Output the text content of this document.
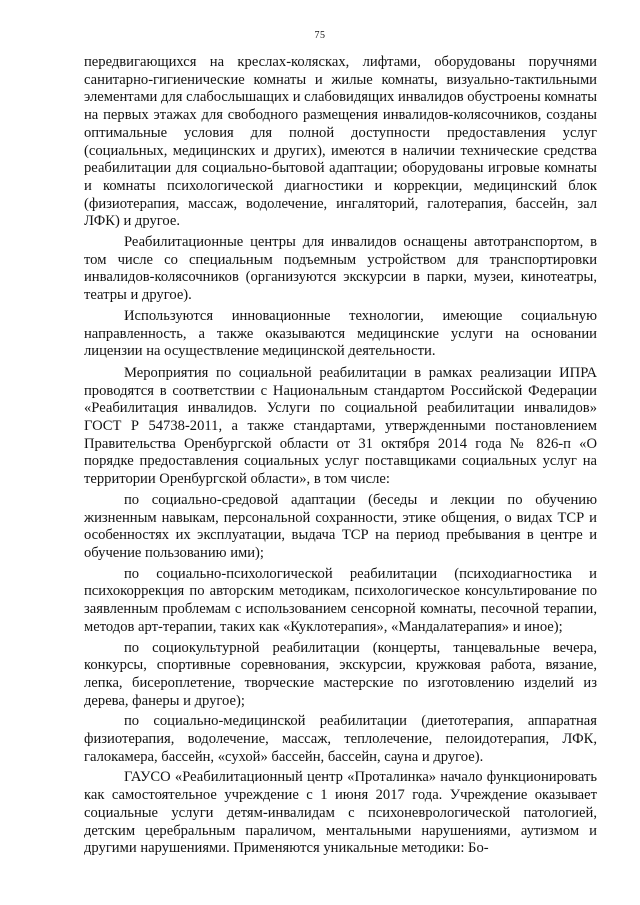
75

передвигающихся на креслах-колясках, лифтами, оборудованы поручнями санитарно-гигиенические комнаты и жилые комнаты, визуально-тактильными элементами для слабослышащих и слабовидящих инвалидов обустроены комнаты на первых этажах для свободного размещения инвалидов-колясочников, созданы оптимальные условия для полной доступности предоставления услуг (социальных, медицинских и других), имеются в наличии технические средства реабилитации для социально-бытовой адаптации; оборудованы игровые комнаты и комнаты психологической диагностики и коррекции, медицинский блок (физиотерапия, массаж, водолечение, ингаляторий, галотерапия, бассейн, зал ЛФК) и другое.

Реабилитационные центры для инвалидов оснащены автотранспортом, в том числе со специальным подъемным устройством для транспортировки инвалидов-колясочников (организуются экскурсии в парки, музеи, кинотеатры, театры и другое).

Используются инновационные технологии, имеющие социальную направленность, а также оказываются медицинские услуги на основании лицензии на осуществление медицинской деятельности.

Мероприятия по социальной реабилитации в рамках реализации ИПРА проводятся в соответствии с Национальным стандартом Российской Федерации «Реабилитация инвалидов. Услуги по социальной реабилитации инвалидов» ГОСТ Р 54738-2011, а также стандартами, утвержденными постановлением Правительства Оренбургской области от 31 октября 2014 года № 826-п «О порядке предоставления социальных услуг поставщиками социальных услуг на территории Оренбургской области», в том числе:

по социально-средовой адаптации (беседы и лекции по обучению жизненным навыкам, персональной сохранности, этике общения, о видах ТСР и особенностях их эксплуатации, выдача ТСР на период пребывания в центре и обучение пользованию ими);

по социально-психологической реабилитации (психодиагностика и психокоррекция по авторским методикам, психологическое консультирование по заявленным проблемам с использованием сенсорной комнаты, песочной терапии, методов арт-терапии, таких как «Куклотерапия», «Мандалатерапия» и иное);

по социокультурной реабилитации (концерты, танцевальные вечера, конкурсы, спортивные соревнования, экскурсии, кружковая работа, вязание, лепка, бисероплетение, творческие мастерские по изготовлению изделий из дерева, фанеры и другое);

по социально-медицинской реабилитации (диетотерапия, аппаратная физиотерапия, водолечение, массаж, теплолечение, пелоидотерапия, ЛФК, галокамера, бассейн, «сухой» бассейн, бассейн, сауна и другое).

ГАУСО «Реабилитационный центр «Проталинка» начало функционировать как самостоятельное учреждение с 1 июня 2017 года. Учреждение оказывает социальные услуги детям-инвалидам с психоневрологической патологией, детским церебральным параличом, ментальными нарушениями, аутизмом и другими нарушениями. Применяются уникальные методики: Бо-
